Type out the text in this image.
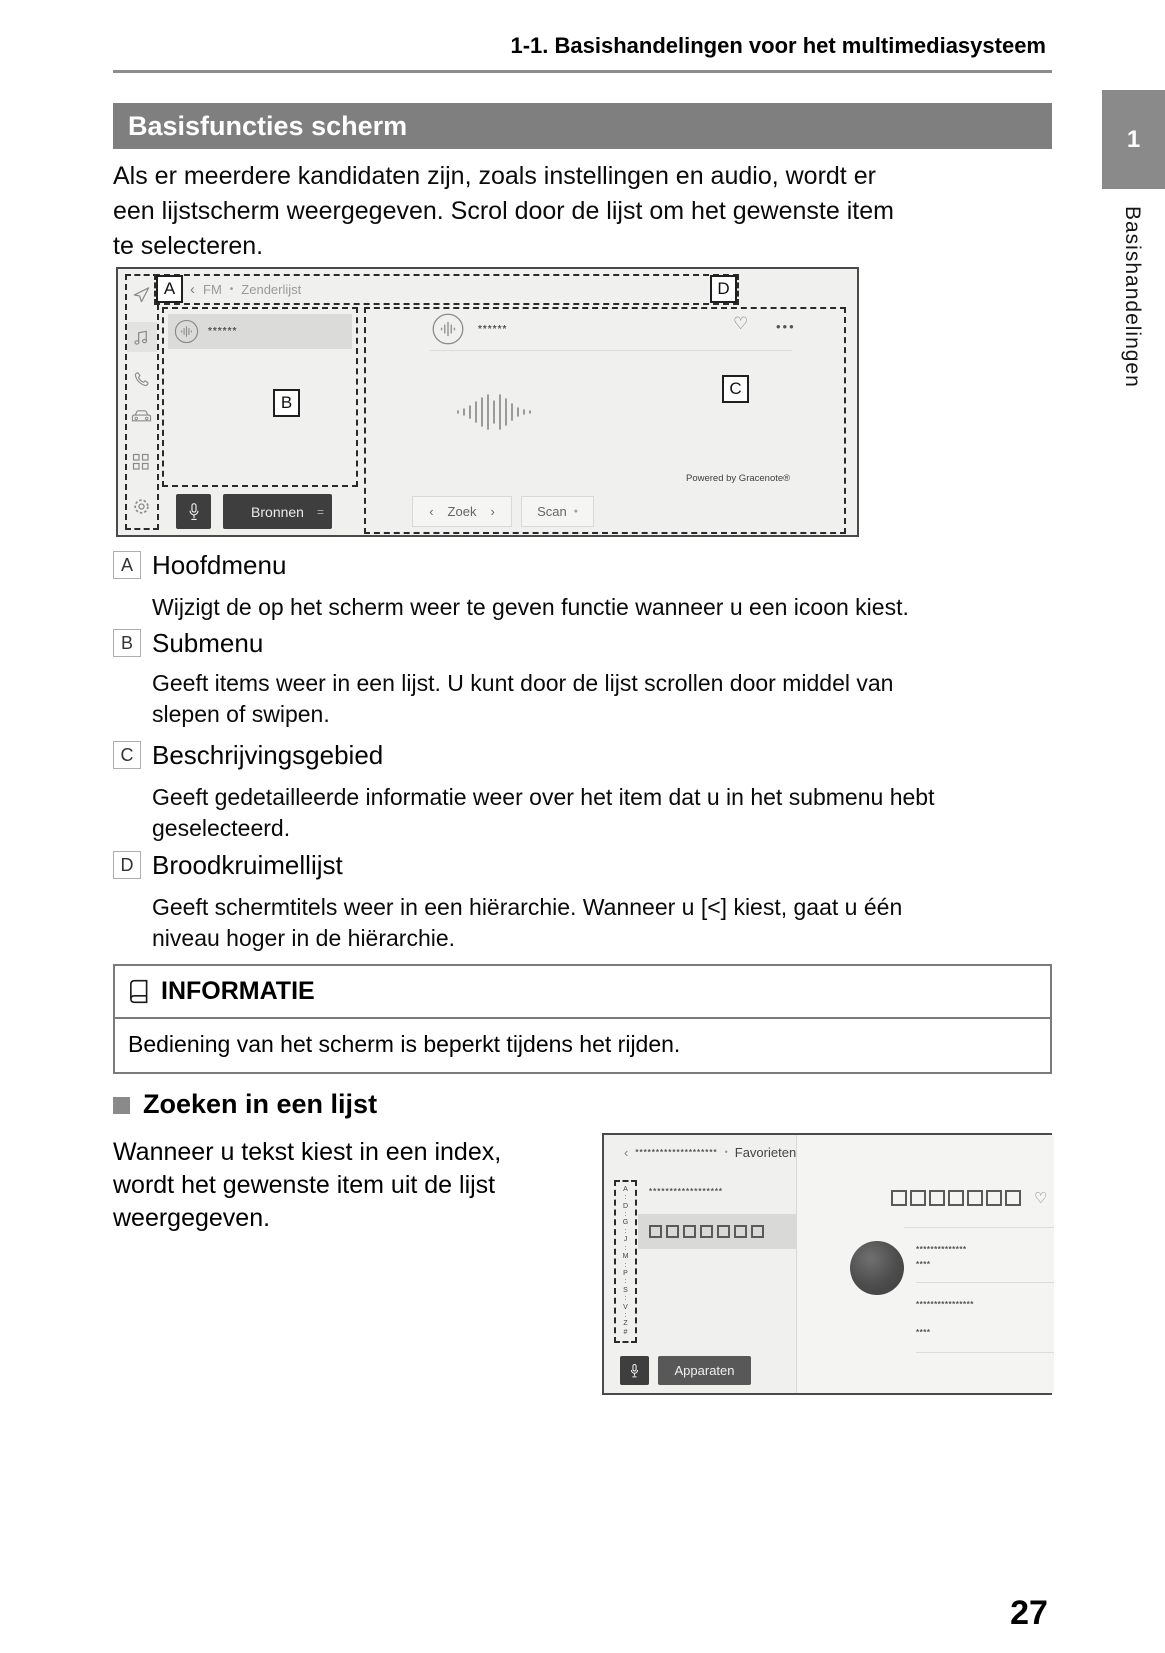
1-1. Basishandelingen voor het multimediasysteem
1
Basishandelingen
Basisfuncties scherm
Als er meerdere kandidaten zijn, zoals instellingen en audio, wordt er
een lijstscherm weergegeven. Scrol door de lijst om het gewenste item
te selecteren.
A ‹ FM • Zenderlijst	D
******
B
******	♡ •••
C
Powered by Gracenote®
Bronnen =	‹ Zoek ›	Scan ●
A Hoofdmenu
Wijzigt de op het scherm weer te geven functie wanneer u een icoon kiest.
B Submenu
Geeft items weer in een lijst. U kunt door de lijst scrollen door middel van
slepen of swipen.
C Beschrijvingsgebied
Geeft gedetailleerde informatie weer over het item dat u in het submenu hebt
geselecteerd.
D Broodkruimellijst
Geeft schermtitels weer in een hiërarchie. Wanneer u [<] kiest, gaat u één
niveau hoger in de hiërarchie.
INFORMATIE
Bediening van het scherm is beperkt tijdens het rijden.
Zoeken in een lijst
Wanneer u tekst kiest in een index,
wordt het gewenste item uit de lijst
weergegeven.
‹ ******************** • Favorieten
A
:
D
:
G
:
J
:
M
:
P
:
S
:
V
:
Z
#
******************	♡
**************
****
****************
****
Apparaten
27
